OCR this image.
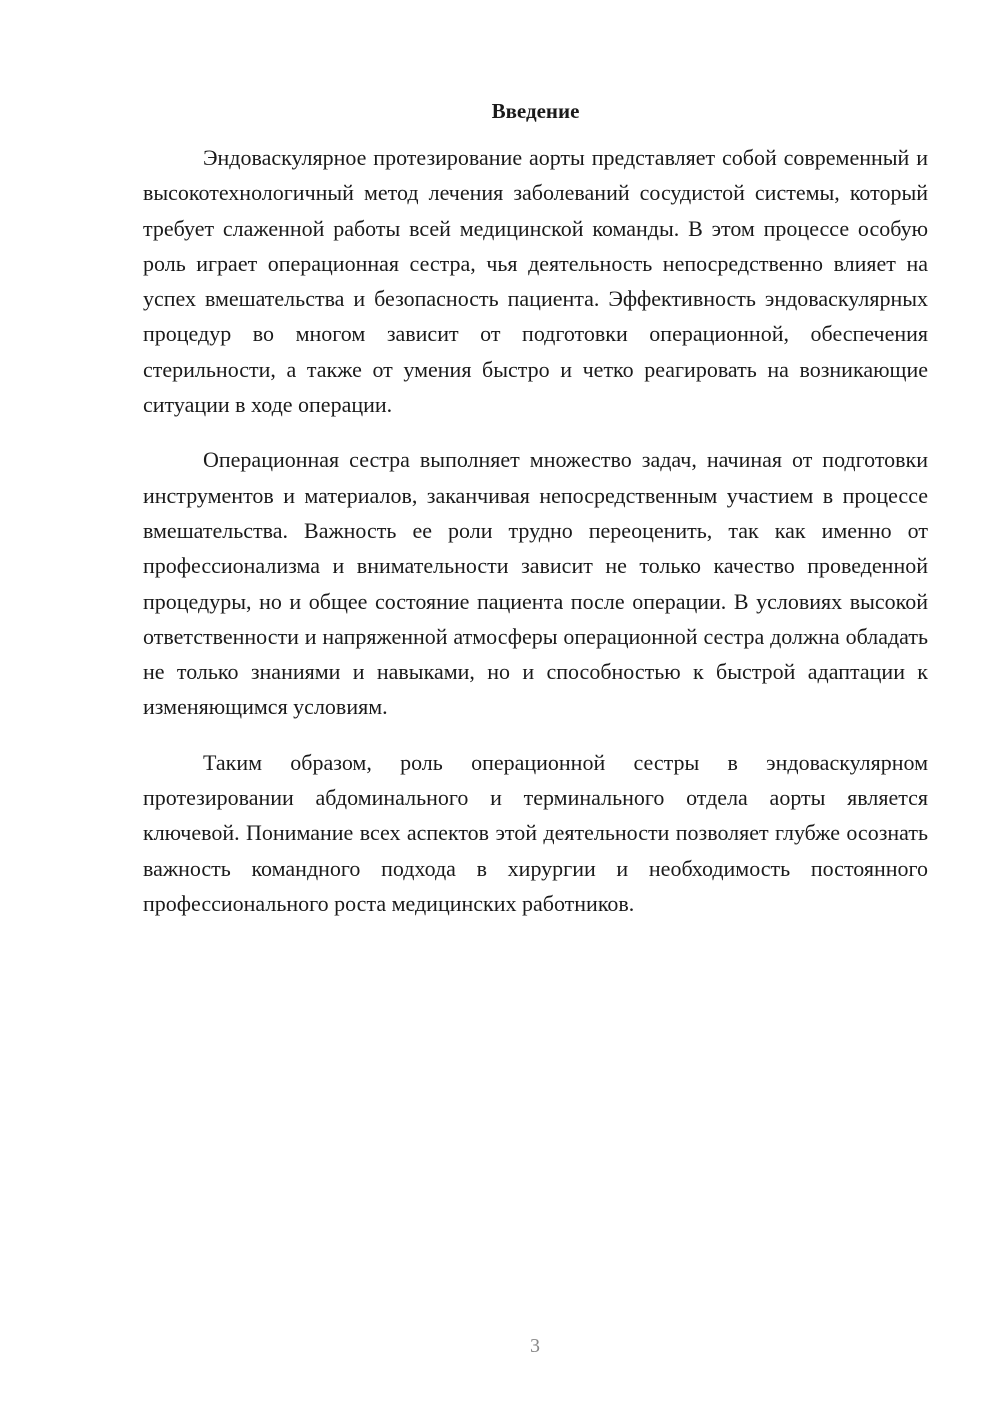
Введение

Эндоваскулярное протезирование аорты представляет собой современный и высокотехнологичный метод лечения заболеваний сосудистой системы, который требует слаженной работы всей медицинской команды. В этом процессе особую роль играет операционная сестра, чья деятельность непосредственно влияет на успех вмешательства и безопасность пациента. Эффективность эндоваскулярных процедур во многом зависит от подготовки операционной, обеспечения стерильности, а также от умения быстро и четко реагировать на возникающие ситуации в ходе операции.

Операционная сестра выполняет множество задач, начиная от подготовки инструментов и материалов, заканчивая непосредственным участием в процессе вмешательства. Важность ее роли трудно переоценить, так как именно от профессионализма и внимательности зависит не только качество проведенной процедуры, но и общее состояние пациента после операции. В условиях высокой ответственности и напряженной атмосферы операционной сестра должна обладать не только знаниями и навыками, но и способностью к быстрой адаптации к изменяющимся условиям.

Таким образом, роль операционной сестры в эндоваскулярном протезировании абдоминального и терминального отдела аорты является ключевой. Понимание всех аспектов этой деятельности позволяет глубже осознать важность командного подхода в хирургии и необходимость постоянного профессионального роста медицинских работников.

3
